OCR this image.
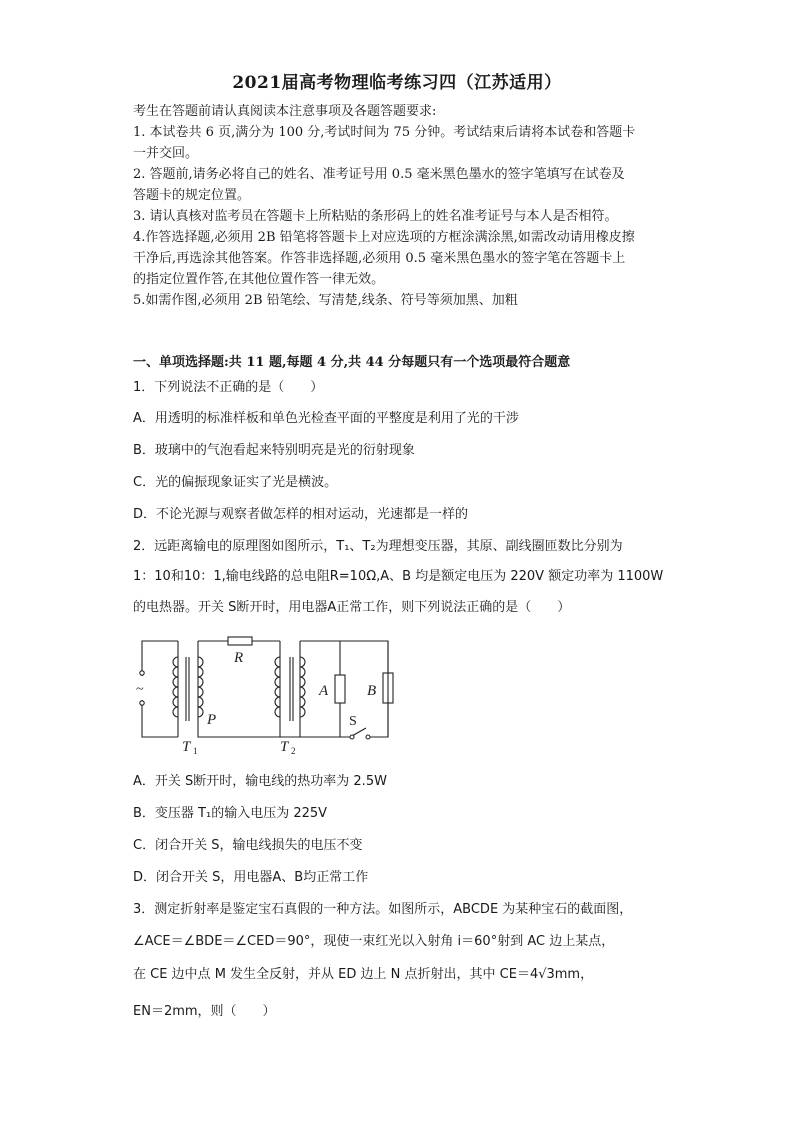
2021届高考物理临考练习四（江苏适用）
考生在答题前请认真阅读本注意事项及各题答题要求:
1. 本试卷共 6 页,满分为 100 分,考试时间为 75 分钟。考试结束后请将本试卷和答题卡
一并交回。
2. 答题前,请务必将自己的姓名、准考证号用 0.5 毫米黑色墨水的签字笔填写在试卷及
答题卡的规定位置。
3. 请认真核对监考员在答题卡上所粘贴的条形码上的姓名准考证号与本人是否相符。
4.作答选择题,必须用 2B 铅笔将答题卡上对应选项的方框涂满涂黑,如需改动请用橡皮擦
干净后,再选涂其他答案。作答非选择题,必须用 0.5 毫米黑色墨水的签字笔在答题卡上
的指定位置作答,在其他位置作答一律无效。
5.如需作图,必须用 2B 铅笔绘、写清楚,线条、符号等须加黑、加粗
一、单项选择题:共 11 题,每题 4 分,共 44 分每题只有一个选项最符合题意
1．下列说法不正确的是（　　）
A．用透明的标准样板和单色光检查平面的平整度是利用了光的干涉
B．玻璃中的气泡看起来特别明亮是光的衍射现象
C．光的偏振现象证实了光是横波。
D．不论光源与观察者做怎样的相对运动，光速都是一样的
2．远距离输电的原理图如图所示，T₁、T₂为理想变压器，其原、副线圈匝数比分别为
1：10和10：1,输电线路的总电阻R=10Ω,A、B 均是额定电压为 220V 额定功率为 1100W
的电热器。开关 S断开时，用电器A正常工作，则下列说法正确的是（　　）
R
A	B
P
T	T
1	2
S
~
A．开关 S断开时，输电线的热功率为 2.5W
B．变压器 T₁的输入电压为 225V
C．闭合开关 S，输电线损失的电压不变
D．闭合开关 S，用电器A、B均正常工作
3．测定折射率是鉴定宝石真假的一种方法。如图所示，ABCDE 为某种宝石的截面图，
∠ACE＝∠BDE＝∠CED＝90°，现使一束红光以入射角 i＝60°射到 AC 边上某点，
在 CE 边中点 M 发生全反射，并从 ED 边上 N 点折射出，其中 CE＝4√3mm，
EN＝2mm，则（　　）
